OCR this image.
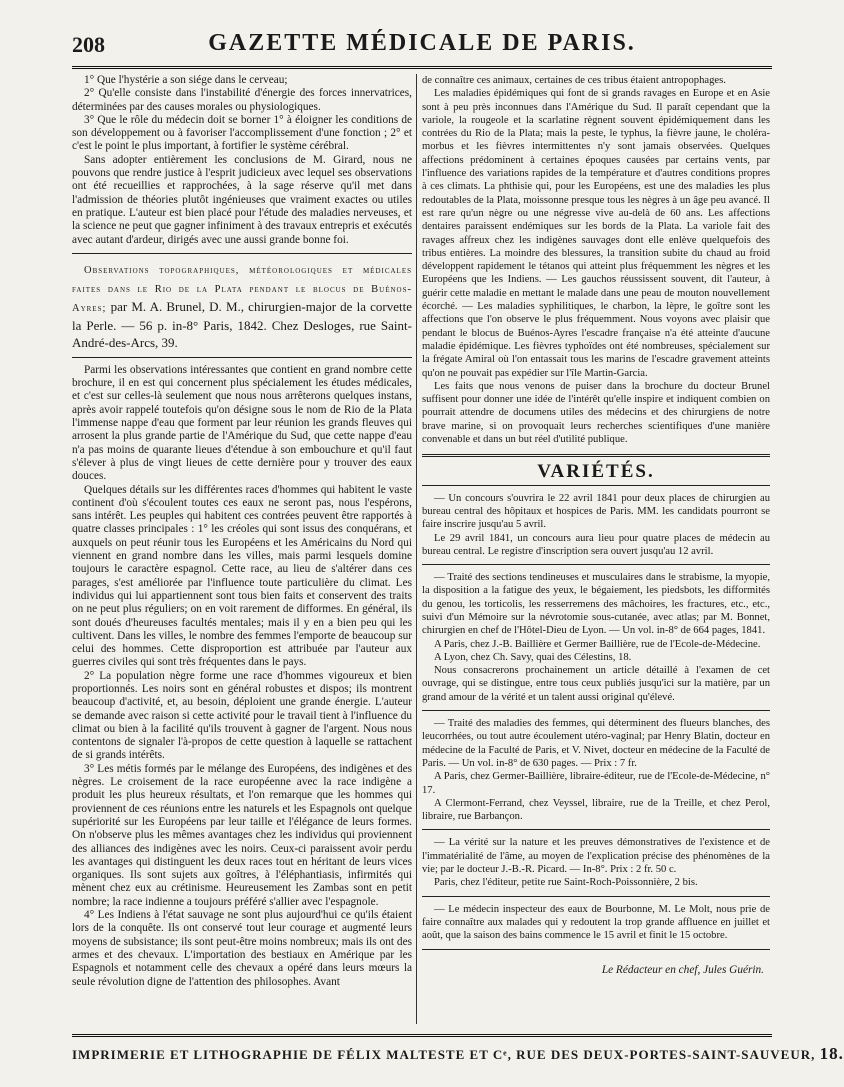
208	GAZETTE MÉDICALE DE PARIS.

1° Que l'hystérie a son siége dans le cerveau;

2° Qu'elle consiste dans l'instabilité d'énergie des forces innervatrices, déterminées par des causes morales ou physiologiques.

3° Que le rôle du médecin doit se borner 1° à éloigner les conditions de son développement ou à favoriser l'accomplissement d'une fonction ; 2° et c'est le point le plus important, à fortifier le système cérébral.

Sans adopter entièrement les conclusions de M. Girard, nous ne pouvons que rendre justice à l'esprit judicieux avec lequel ses observations ont été recueillies et rapprochées, à la sage réserve qu'il met dans l'admission de théories plutôt ingénieuses que vraiment exactes ou utiles en pratique. L'auteur est bien placé pour l'étude des maladies nerveuses, et la science ne peut que gagner infiniment à des travaux entrepris et exécutés avec autant d'ardeur, dirigés avec une aussi grande bonne foi.

Observations topographiques, météorologiques et médicales faites dans le Rio de la Plata pendant le blocus de Buénos-Ayres; par M. A. Brunel, D. M., chirurgien-major de la corvette la Perle. — 56 p. in-8° Paris, 1842. Chez Desloges, rue Saint-André-des-Arcs, 39.

Parmi les observations intéressantes que contient en grand nombre cette brochure, il en est qui concernent plus spécialement les études médicales, et c'est sur celles-là seulement que nous nous arrêterons quelques instans, après avoir rappelé toutefois qu'on désigne sous le nom de Rio de la Plata l'immense nappe d'eau que forment par leur réunion les grands fleuves qui arrosent la plus grande partie de l'Amérique du Sud, que cette nappe d'eau n'a pas moins de quarante lieues d'étendue à son embouchure et qu'il faut s'élever à plus de vingt lieues de cette dernière pour y trouver des eaux douces.

Quelques détails sur les différentes races d'hommes qui habitent le vaste continent d'où s'écoulent toutes ces eaux ne seront pas, nous l'espérons, sans intérêt. Les peuples qui habitent ces contrées peuvent être rapportés à quatre classes principales : 1° les créoles qui sont issus des conquérans, et auxquels on peut réunir tous les Européens et les Américains du Nord qui viennent en grand nombre dans les villes, mais parmi lesquels domine toujours le caractère espagnol. Cette race, au lieu de s'altérer dans ces parages, s'est améliorée par l'influence toute particulière du climat. Les individus qui lui appartiennent sont tous bien faits et conservent des traits on ne peut plus réguliers; on en voit rarement de difformes. En général, ils sont doués d'heureuses facultés mentales; mais il y en a bien peu qui les cultivent. Dans les villes, le nombre des femmes l'emporte de beaucoup sur celui des hommes. Cette disproportion est attribuée par l'auteur aux guerres civiles qui sont très fréquentes dans le pays.

2° La population nègre forme une race d'hommes vigoureux et bien proportionnés. Les noirs sont en général robustes et dispos; ils montrent beaucoup d'activité, et, au besoin, déploient une grande énergie. L'auteur se demande avec raison si cette activité pour le travail tient à l'influence du climat ou bien à la facilité qu'ils trouvent à gagner de l'argent. Nous nous contentons de signaler l'à-propos de cette question à laquelle se rattachent de si grands intérêts.

3° Les métis formés par le mélange des Européens, des indigènes et des nègres. Le croisement de la race européenne avec la race indigène a produit les plus heureux résultats, et l'on remarque que les hommes qui proviennent de ces réunions entre les naturels et les Espagnols ont quelque supériorité sur les Européens par leur taille et l'élégance de leurs formes. On n'observe plus les mêmes avantages chez les individus qui proviennent des alliances des indigènes avec les noirs. Ceux-ci paraissent avoir perdu les avantages qui distinguent les deux races tout en héritant de leurs vices organiques. Ils sont sujets aux goîtres, à l'éléphantiasis, infirmités qui mènent chez eux au crétinisme. Heureusement les Zambas sont en petit nombre; la race indienne a toujours préféré s'allier avec l'espagnole.

4° Les Indiens à l'état sauvage ne sont plus aujourd'hui ce qu'ils étaient lors de la conquête. Ils ont conservé tout leur courage et augmenté leurs moyens de subsistance; ils sont peut-être moins nombreux; mais ils ont des armes et des chevaux. L'importation des bestiaux en Amérique par les Espagnols et notamment celle des chevaux a opéré dans leurs mœurs la seule révolution digne de l'attention des philosophes. Avant

de connaître ces animaux, certaines de ces tribus étaient antropophages.

Les maladies épidémiques qui font de si grands ravages en Europe et en Asie sont à peu près inconnues dans l'Amérique du Sud. Il paraît cependant que la variole, la rougeole et la scarlatine règnent souvent épidémiquement dans les contrées du Rio de la Plata; mais la peste, le typhus, la fièvre jaune, le choléra-morbus et les fièvres intermittentes n'y sont jamais observées. Quelques affections prédominent à certaines époques causées par certains vents, par l'influence des variations rapides de la température et d'autres conditions propres à ces climats. La phthisie qui, pour les Européens, est une des maladies les plus redoutables de la Plata, moissonne presque tous les nègres à un âge peu avancé. Il est rare qu'un nègre ou une négresse vive au-delà de 60 ans. Les affections dentaires paraissent endémiques sur les bords de la Plata. La variole fait des ravages affreux chez les indigènes sauvages dont elle enlève quelquefois des tribus entières. La moindre des blessures, la transition subite du chaud au froid développent rapidement le tétanos qui atteint plus fréquemment les nègres et les Européens que les Indiens. — Les gauchos réussissent souvent, dit l'auteur, à guérir cette maladie en mettant le malade dans une peau de mouton nouvellement écorché. — Les maladies syphilitiques, le charbon, la lèpre, le goître sont les affections que l'on observe le plus fréquemment. Nous voyons avec plaisir que pendant le blocus de Buénos-Ayres l'escadre française n'a été atteinte d'aucune maladie épidémique. Les fièvres typhoïdes ont été nombreuses, spécialement sur la frégate Amiral où l'on entassait tous les marins de l'escadre gravement atteints qu'on ne pouvait pas expédier sur l'île Martin-Garcia.

Les faits que nous venons de puiser dans la brochure du docteur Brunel suffisent pour donner une idée de l'intérêt qu'elle inspire et indiquent combien on pourrait attendre de documens utiles des médecins et des chirurgiens de notre brave marine, si on provoquait leurs recherches scientifiques d'une manière convenable et dans un but réel d'utilité publique.

VARIÉTÉS.

— Un concours s'ouvrira le 22 avril 1841 pour deux places de chirurgien au bureau central des hôpitaux et hospices de Paris. MM. les candidats pourront se faire inscrire jusqu'au 5 avril.

Le 29 avril 1841, un concours aura lieu pour quatre places de médecin au bureau central. Le registre d'inscription sera ouvert jusqu'au 12 avril.

— Traité des sections tendineuses et musculaires dans le strabisme, la myopie, la disposition a la fatigue des yeux, le bégaiement, les piedsbots, les difformités du genou, les torticolis, les resserremens des mâchoires, les fractures, etc., etc., suivi d'un Mémoire sur la névrotomie sous-cutanée, avec atlas; par M. Bonnet, chirurgien en chef de l'Hôtel-Dieu de Lyon. — Un vol. in-8° de 664 pages, 1841.

A Paris, chez J.-B. Baillière et Germer Baillière, rue de l'Ecole-de-Médecine.

A Lyon, chez Ch. Savy, quai des Célestins, 18.

Nous consacrerons prochainement un article détaillé à l'examen de cet ouvrage, qui se distingue, entre tous ceux publiés jusqu'ici sur la matière, par un grand amour de la vérité et un talent aussi original qu'élevé.

— Traité des maladies des femmes, qui déterminent des flueurs blanches, des leucorrhées, ou tout autre écoulement utéro-vaginal; par Henry Blatin, docteur en médecine de la Faculté de Paris, et V. Nivet, docteur en médecine de la Faculté de Paris. — Un vol. in-8° de 630 pages. — Prix : 7 fr.

A Paris, chez Germer-Baillière, libraire-éditeur, rue de l'Ecole-de-Médecine, n° 17.

A Clermont-Ferrand, chez Veyssel, libraire, rue de la Treille, et chez Perol, libraire, rue Barbançon.

— La vérité sur la nature et les preuves démonstratives de l'existence et de l'immatérialité de l'âme, au moyen de l'explication précise des phénomènes de la vie; par le docteur J.-B.-R. Picard. — In-8°. Prix : 2 fr. 50 c.

Paris, chez l'éditeur, petite rue Saint-Roch-Poissonnière, 2 bis.

— Le médecin inspecteur des eaux de Bourbonne, M. Le Molt, nous prie de faire connaître aux malades qui y redoutent la trop grande affluence en juillet et août, que la saison des bains commence le 15 avril et finit le 15 octobre.

Le Rédacteur en chef, Jules Guérin.
IMPRIMERIE ET LITHOGRAPHIE DE FÉLIX MALTESTE ET Cᵉ, RUE DES DEUX-PORTES-SAINT-SAUVEUR, 18.
